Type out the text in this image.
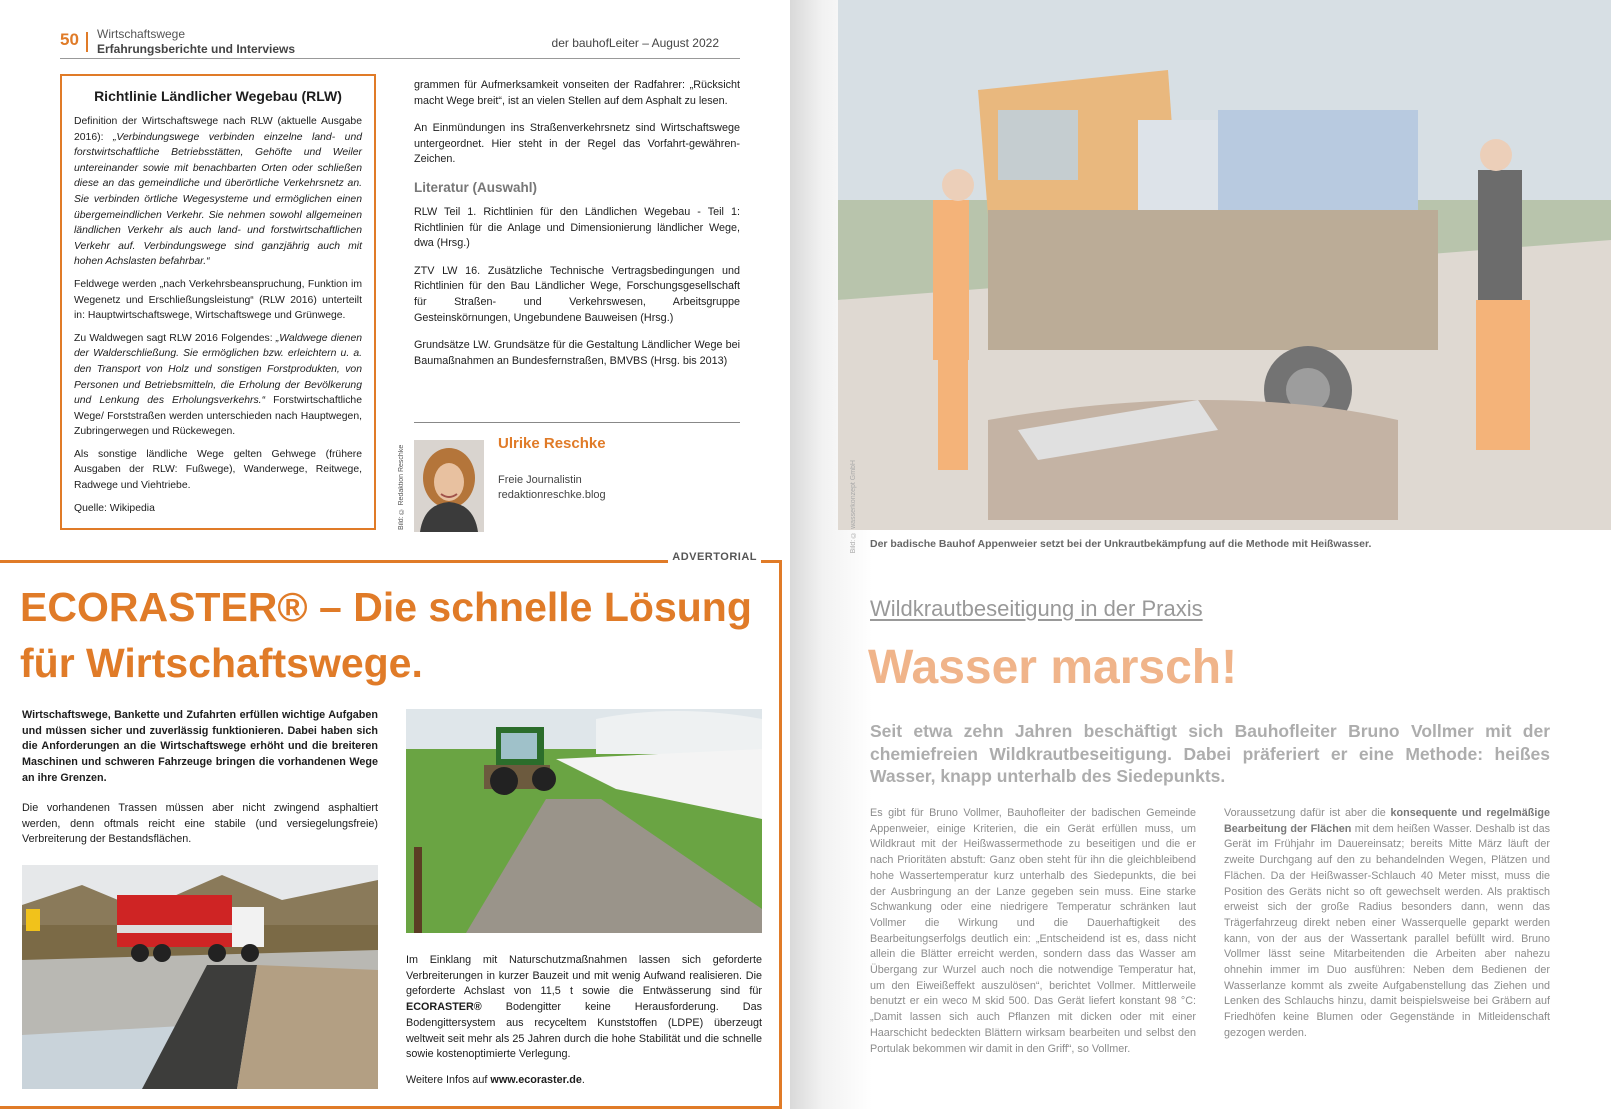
50 Wirtschaftswege
Erfahrungsberichte und Interviews	der bauhofLeiter – August 2022
Richtlinie Ländlicher Wegebau (RLW)

Definition der Wirtschaftswege nach RLW (aktuelle Ausgabe 2016): „Verbindungswege verbinden einzelne land- und forstwirtschaftliche Betriebsstätten, Gehöfte und Weiler untereinander sowie mit benachbarten Orten oder schließen diese an das gemeindliche und überörtliche Verkehrsnetz an. Sie verbinden örtliche Wegesysteme und ermöglichen einen übergemeindlichen Verkehr. Sie nehmen sowohl allgemeinen ländlichen Verkehr als auch land- und forstwirtschaftlichen Verkehr auf. Verbindungswege sind ganzjährig auch mit hohen Achslasten befahrbar.“

Feldwege werden „nach Verkehrsbeanspruchung, Funktion im Wegenetz und Erschließungsleistung“ (RLW 2016) unterteilt in: Hauptwirtschaftswege, Wirtschaftswege und Grünwege.

Zu Waldwegen sagt RLW 2016 Folgendes: „Waldwege dienen der Walderschließung. Sie ermöglichen bzw. erleichtern u. a. den Transport von Holz und sonstigen Forstprodukten, von Personen und Betriebsmitteln, die Erholung der Bevölkerung und Lenkung des Erholungsverkehrs.“ Forstwirtschaftliche Wege/ Forststraßen werden unterschieden nach Hauptwegen, Zubringerwegen und Rückewegen.

Als sonstige ländliche Wege gelten Gehwege (frühere Ausgaben der RLW: Fußwege), Wanderwege, Reitwege, Radwege und Viehtriebe.

Quelle: Wikipedia

grammen für Aufmerksamkeit vonseiten der Radfahrer: „Rücksicht macht Wege breit“, ist an vielen Stellen auf dem Asphalt zu lesen.

An Einmündungen ins Straßenverkehrsnetz sind Wirtschaftswege untergeordnet. Hier steht in der Regel das Vorfahrt-gewähren-Zeichen.

Literatur (Auswahl)

RLW Teil 1. Richtlinien für den Ländlichen Wegebau - Teil 1: Richtlinien für die Anlage und Dimensionierung ländlicher Wege, dwa (Hrsg.)

ZTV LW 16. Zusätzliche Technische Vertragsbedingungen und Richtlinien für den Bau Ländlicher Wege, Forschungsgesellschaft für Straßen- und Verkehrswesen, Arbeitsgruppe Gesteinskörnungen, Ungebundene Bauweisen (Hrsg.)

Grundsätze LW. Grundsätze für die Gestaltung Ländlicher Wege bei Baumaßnahmen an Bundesfernstraßen, BMVBS (Hrsg. bis 2013)

Bild: © Redaktion Reschke
Ulrike Reschke
Freie Journalistin
redaktionreschke.blog
ADVERTORIAL
ECORASTER® – Die schnelle Lösung
für Wirtschaftswege.
Wirtschaftswege, Bankette und Zufahrten erfüllen wichtige Aufgaben und müssen sicher und zuverlässig funktionieren. Dabei haben sich die Anforderungen an die Wirtschaftswege erhöht und die breiteren Maschinen und schweren Fahrzeuge bringen die vorhandenen Wege an ihre Grenzen.
Die vorhandenen Trassen müssen aber nicht zwingend asphaltiert werden, denn oftmals reicht eine stabile (und versiegelungsfreie) Verbreiterung der Bestandsflächen.
Im Einklang mit Naturschutzmaßnahmen lassen sich geforderte Verbreiterungen in kurzer Bauzeit und mit wenig Aufwand realisieren. Die geforderte Achslast von 11,5 t sowie die Entwässerung sind für ECORASTER® Bodengitter keine Herausforderung. Das Bodengittersystem aus recyceltem Kunststoffen (LDPE) überzeugt weltweit seit mehr als 25 Jahren durch die hohe Stabilität und die schnelle sowie kostenoptimierte Verlegung.
Weitere Infos auf www.ecoraster.de.
Bild: © wasserkonzept GmbH	Der badische Bauhof Appenweier setzt bei der Unkrautbekämpfung auf die Methode mit Heißwasser.
Wildkrautbeseitigung in der Praxis
Wasser marsch!
Seit etwa zehn Jahren beschäftigt sich Bauhofleiter Bruno Vollmer mit der chemiefreien Wildkrautbeseitigung. Dabei präferiert er eine Methode: heißes Wasser, knapp unterhalb des Siedepunkts.
Es gibt für Bruno Vollmer, Bauhofleiter der badischen Gemeinde Appenweier, einige Kriterien, die ein Gerät erfüllen muss, um Wildkraut mit der Heißwassermethode zu beseitigen und die er nach Prioritäten abstuft: Ganz oben steht für ihn die gleichbleibend hohe Wassertemperatur kurz unterhalb des Siedepunkts, die bei der Ausbringung an der Lanze gegeben sein muss. Eine starke Schwankung oder eine niedrigere Temperatur schränken laut Vollmer die Wirkung und die Dauerhaftigkeit des Bearbeitungserfolgs deutlich ein: „Entscheidend ist es, dass nicht allein die Blätter erreicht werden, sondern dass das Wasser am Übergang zur Wurzel auch noch die notwendige Temperatur hat, um den Eiweißeffekt auszulösen“, berichtet Vollmer. Mittlerweile benutzt er ein weco M skid 500. Das Gerät liefert konstant 98 °C: „Damit lassen sich auch Pflanzen mit dicken oder mit einer Haarschicht bedeckten Blättern wirksam bearbeiten und selbst den Portulak bekommen wir damit in den Griff“, so Vollmer.
Voraussetzung dafür ist aber die konsequente und regelmäßige Bearbeitung der Flächen mit dem heißen Wasser. Deshalb ist das Gerät im Frühjahr im Dauereinsatz; bereits Mitte März läuft der zweite Durchgang auf den zu behandelnden Wegen, Plätzen und Flächen. Da der Heißwasser-Schlauch 40 Meter misst, muss die Position des Geräts nicht so oft gewechselt werden. Als praktisch erweist sich der große Radius besonders dann, wenn das Trägerfahrzeug direkt neben einer Wasserquelle geparkt werden kann, von der aus der Wassertank parallel befüllt wird. Bruno Vollmer lässt seine Mitarbeitenden die Arbeiten aber nahezu ohnehin immer im Duo ausführen: Neben dem Bedienen der Wasserlanze kommt als zweite Aufgabenstellung das Ziehen und Lenken des Schlauchs hinzu, damit beispielsweise bei Gräbern auf Friedhöfen keine Blumen oder Gegenstände in Mitleidenschaft gezogen werden.
